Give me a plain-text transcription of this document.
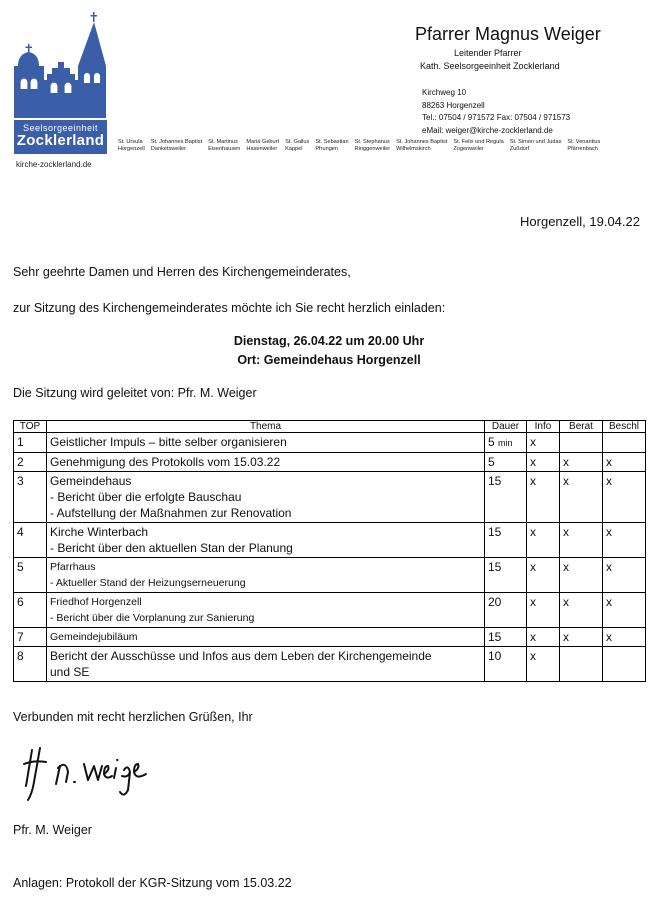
Seelsorgeeinheit
Zocklerland
kirche-zocklerland.de
St. Ursula
Horgenzell
St. Johannes Baptist
Danketsweiler
St. Martinus
Eisenhausen
Mariä Geburt
Hasenweiler
St. Gallus
Kappel
St. Sebastian
Pfrungen
St. Stephanus
Ringgenweiler
St. Johannes Baptist
Wilhelmskirch
St. Felix und Regula
Zogenweiler
St. Simon und Judas
Zußdorf
St. Venantius
Pfärrenbach
Pfarrer Magnus Weiger
Leitender Pfarrer
Kath. Seelsorgeeinheit Zocklerland
Kirchweg 10
88263 Horgenzell
Tel.: 07504 / 971572 Fax: 07504 / 971573
eMail: weiger@kirche-zocklerland.de
Horgenzell, 19.04.22
Sehr geehrte Damen und Herren des Kirchengemeinderates,
zur Sitzung des Kirchengemeinderates möchte ich Sie recht herzlich einladen:
Dienstag, 26.04.22 um 20.00 Uhr
Ort: Gemeindehaus Horgenzell
Die Sitzung wird geleitet von: Pfr. M. Weiger
TOP	Thema	Dauer	Info	Berat	Beschl
1	Geistlicher Impuls – bitte selber organisieren	5 min	x		
2	Genehmigung des Protokolls vom 15.03.22	5	x	x	x
3	Gemeindehaus
- Bericht über die erfolgte Bauschau
- Aufstellung der Maßnahmen zur Renovation	15	x	x	x
4	Kirche Winterbach
- Bericht über den aktuellen Stan der Planung	15	x	x	x
5	Pfarrhaus
- Aktueller Stand der Heizungserneuerung	15	x	x	x
6	Friedhof Horgenzell
- Bericht über die Vorplanung zur Sanierung	20	x	x	x
7	Gemeindejubiläum	15	x	x	x
8	Bericht der Ausschüsse und Infos aus dem Leben der Kirchengemeinde
und SE	10	x		
Verbunden mit recht herzlichen Grüßen, Ihr
Pfr. M. Weiger
Anlagen: Protokoll der KGR-Sitzung vom 15.03.22
